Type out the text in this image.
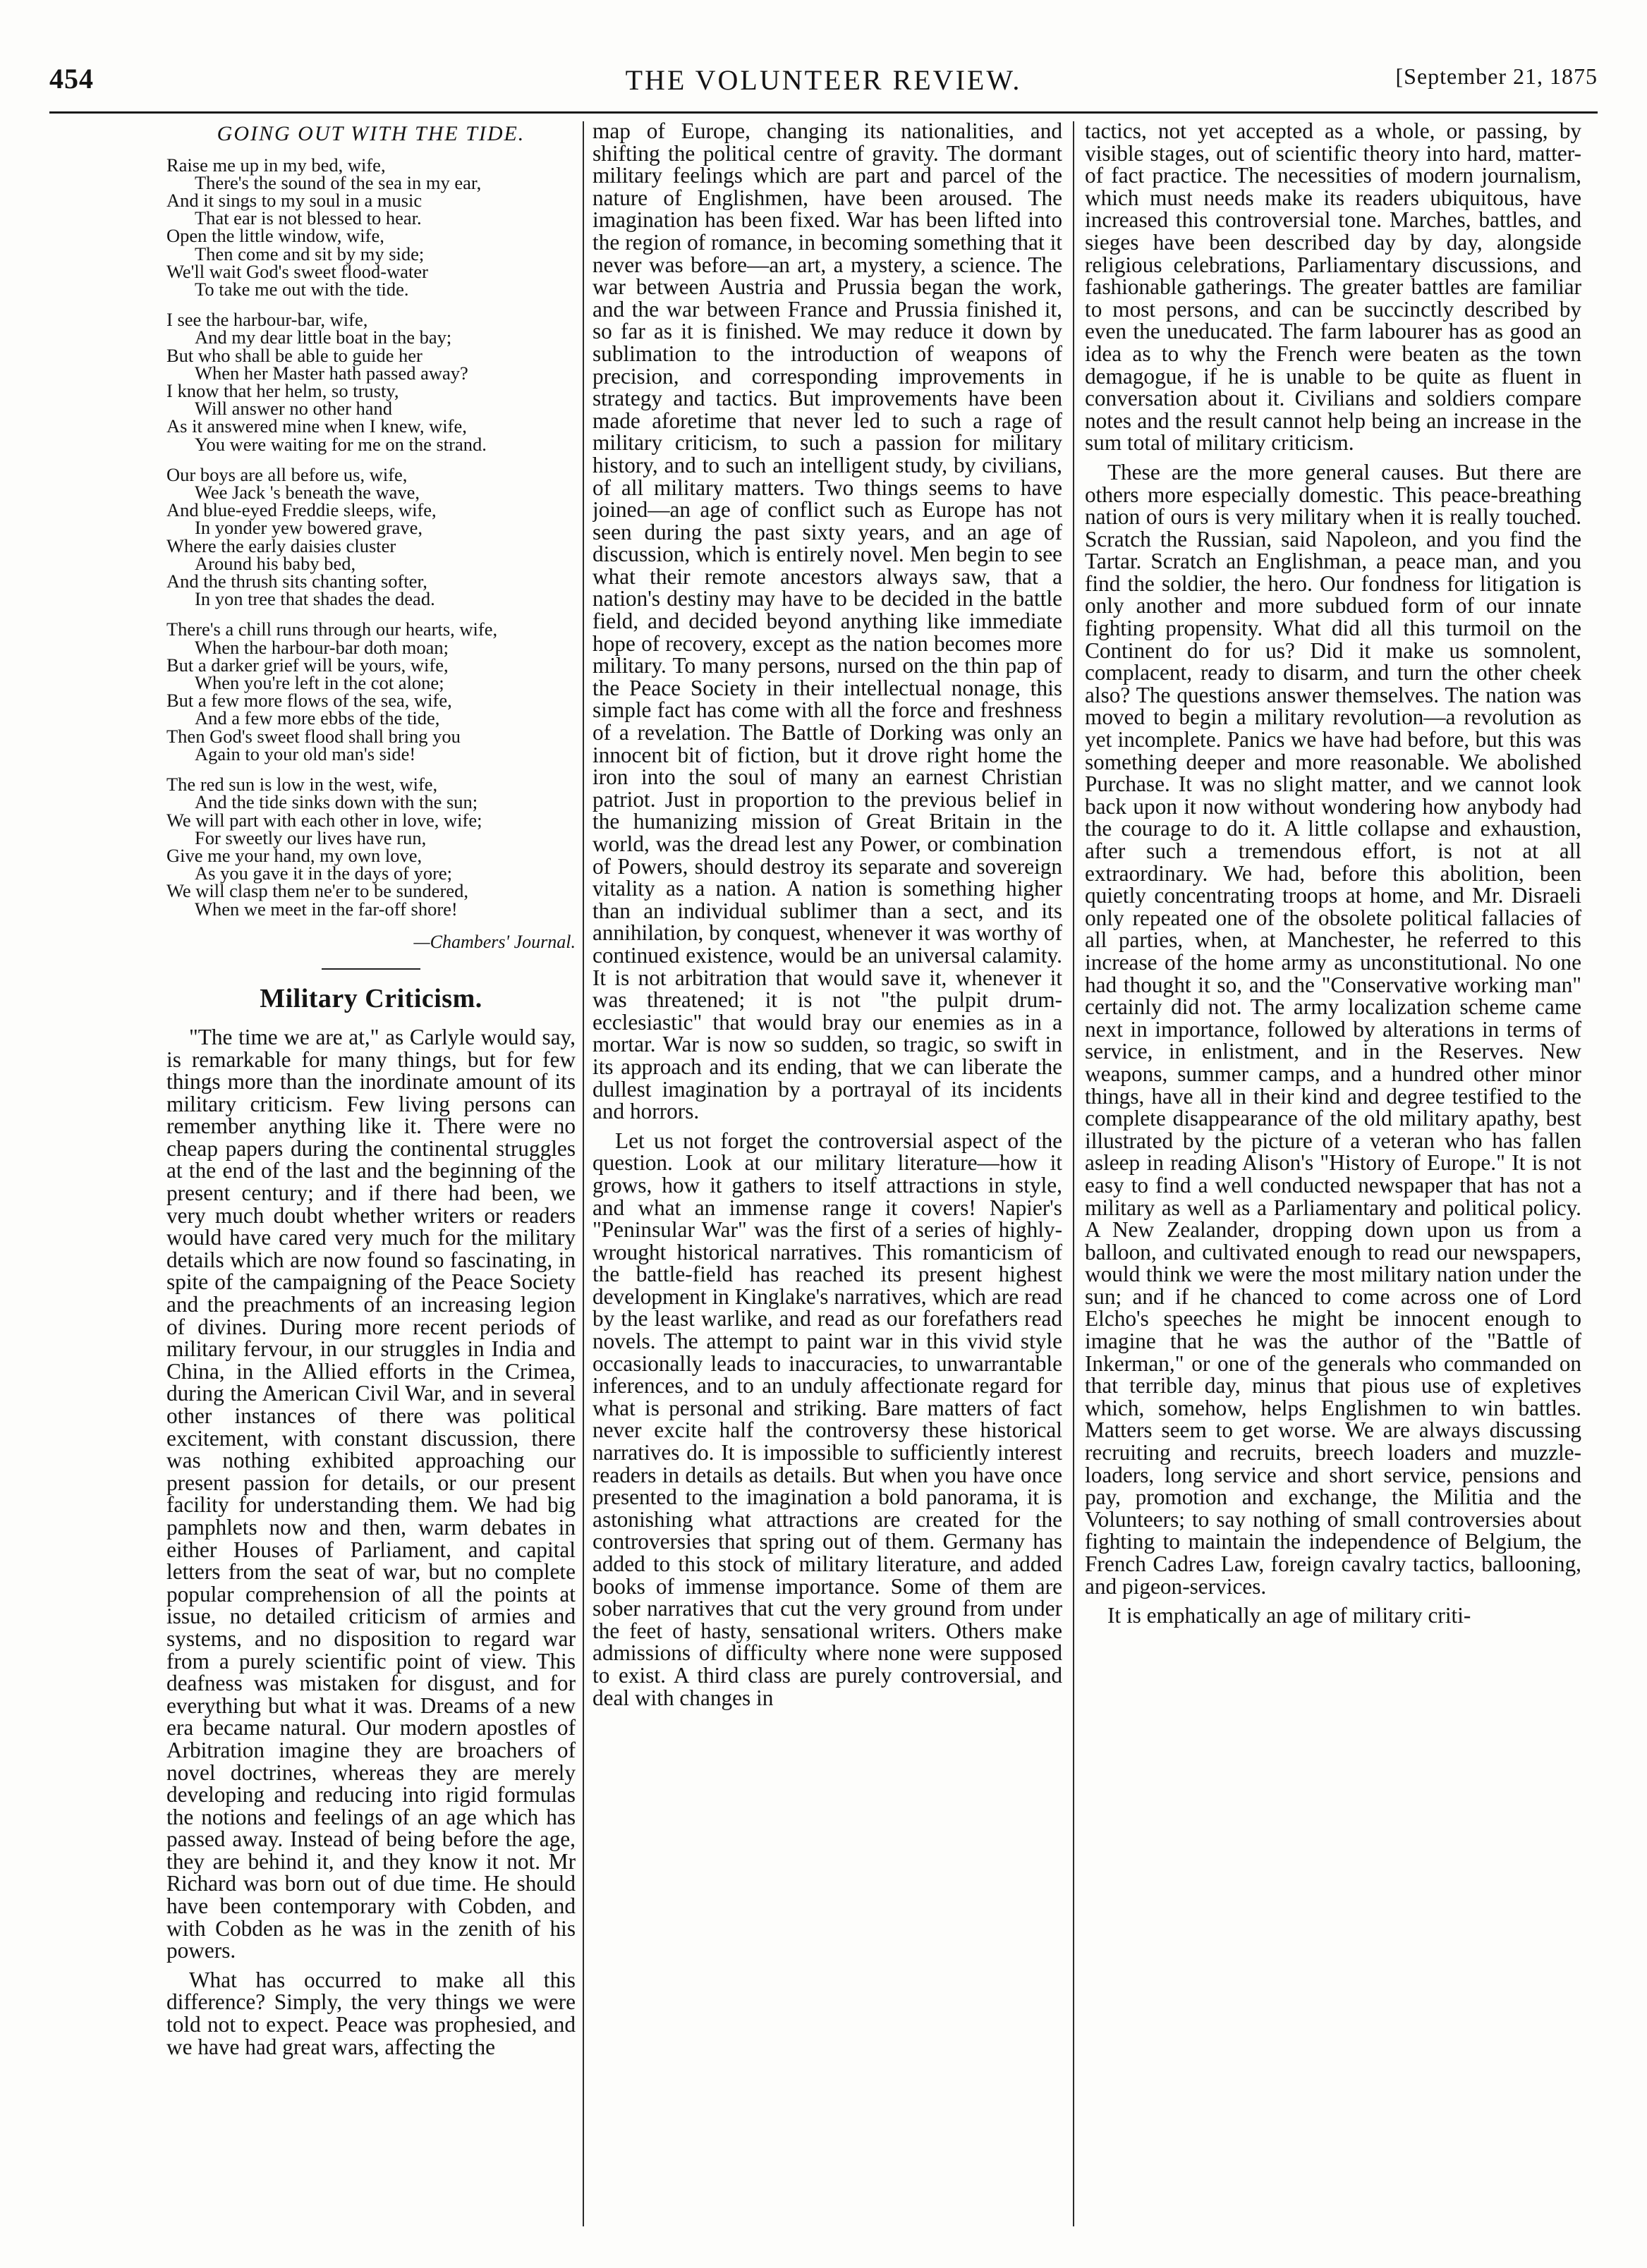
454	THE VOLUNTEER REVIEW.	[September 21, 1875
GOING OUT WITH THE TIDE.
Raise me up in my bed, wife,
There's the sound of the sea in my ear,
And it sings to my soul in a music
That ear is not blessed to hear.
Open the little window, wife,
Then come and sit by my side;
We'll wait God's sweet flood-water
To take me out with the tide.
I see the harbour-bar, wife,
And my dear little boat in the bay;
But who shall be able to guide her
When her Master hath passed away?
I know that her helm, so trusty,
Will answer no other hand
As it answered mine when I knew, wife,
You were waiting for me on the strand.
Our boys are all before us, wife,
Wee Jack 's beneath the wave,
And blue-eyed Freddie sleeps, wife,
In yonder yew bowered grave,
Where the early daisies cluster
Around his baby bed,
And the thrush sits chanting softer,
In yon tree that shades the dead.
There's a chill runs through our hearts, wife,
When the harbour-bar doth moan;
But a darker grief will be yours, wife,
When you're left in the cot alone;
But a few more flows of the sea, wife,
And a few more ebbs of the tide,
Then God's sweet flood shall bring you
Again to your old man's side!
The red sun is low in the west, wife,
And the tide sinks down with the sun;
We will part with each other in love, wife;
For sweetly our lives have run,
Give me your hand, my own love,
As you gave it in the days of yore;
We will clasp them ne'er to be sundered,
When we meet in the far-off shore!
—Chambers' Journal.
Military Criticism.

"The time we are at," as Carlyle would say, is remarkable for many things, but for few things more than the inordinate amount of its military criticism. Few living persons can remember anything like it. There were no cheap papers during the continental struggles at the end of the last and the beginning of the present century; and if there had been, we very much doubt whether writers or readers would have cared very much for the military details which are now found so fascinating, in spite of the campaigning of the Peace Society and the preachments of an increasing legion of divines. During more recent periods of military fervour, in our struggles in India and China, in the Allied efforts in the Crimea, during the American Civil War, and in several other instances of there was political excitement, with constant discussion, there was nothing exhibited approaching our present passion for details, or our present facility for understanding them. We had big pamphlets now and then, warm debates in either Houses of Parliament, and capital letters from the seat of war, but no complete popular comprehension of all the points at issue, no detailed criticism of armies and systems, and no disposition to regard war from a purely scientific point of view. This deafness was mistaken for disgust, and for everything but what it was. Dreams of a new era became natural. Our modern apostles of Arbitration imagine they are broachers of novel doctrines, whereas they are merely developing and reducing into rigid formulas the notions and feelings of an age which has passed away. Instead of being before the age, they are behind it, and they know it not. Mr Richard was born out of due time. He should have been contemporary with Cobden, and with Cobden as he was in the zenith of his powers.

What has occurred to make all this difference? Simply, the very things we were told not to expect. Peace was prophesied, and we have had great wars, affecting the

map of Europe, changing its nationalities, and shifting the political centre of gravity. The dormant military feelings which are part and parcel of the nature of Englishmen, have been aroused. The imagination has been fixed. War has been lifted into the region of romance, in becoming something that it never was before—an art, a mystery, a science. The war between Austria and Prussia began the work, and the war between France and Prussia finished it, so far as it is finished. We may reduce it down by sublimation to the introduction of weapons of precision, and corresponding improvements in strategy and tactics. But improvements have been made aforetime that never led to such a rage of military criticism, to such a passion for military history, and to such an intelligent study, by civilians, of all military matters. Two things seems to have joined—an age of conflict such as Europe has not seen during the past sixty years, and an age of discussion, which is entirely novel. Men begin to see what their remote ancestors always saw, that a nation's destiny may have to be decided in the battle field, and decided beyond anything like immediate hope of recovery, except as the nation becomes more military. To many persons, nursed on the thin pap of the Peace Society in their intellectual nonage, this simple fact has come with all the force and freshness of a revelation. The Battle of Dorking was only an innocent bit of fiction, but it drove right home the iron into the soul of many an earnest Christian patriot. Just in proportion to the previous belief in the humanizing mission of Great Britain in the world, was the dread lest any Power, or combination of Powers, should destroy its separate and sovereign vitality as a nation. A nation is something higher than an individual sublimer than a sect, and its annihilation, by conquest, whenever it was worthy of continued existence, would be an universal calamity. It is not arbitration that would save it, whenever it was threatened; it is not "the pulpit drum-ecclesiastic" that would bray our enemies as in a mortar. War is now so sudden, so tragic, so swift in its approach and its ending, that we can liberate the dullest imagination by a portrayal of its incidents and horrors.

Let us not forget the controversial aspect of the question. Look at our military literature—how it grows, how it gathers to itself attractions in style, and what an immense range it covers! Napier's "Peninsular War" was the first of a series of highly-wrought historical narratives. This romanticism of the battle-field has reached its present highest development in Kinglake's narratives, which are read by the least warlike, and read as our forefathers read novels. The attempt to paint war in this vivid style occasionally leads to inaccuracies, to unwarrantable inferences, and to an unduly affectionate regard for what is personal and striking. Bare matters of fact never excite half the controversy these historical narratives do. It is impossible to sufficiently interest readers in details as details. But when you have once presented to the imagination a bold panorama, it is astonishing what attractions are created for the controversies that spring out of them. Germany has added to this stock of military literature, and added books of immense importance. Some of them are sober narratives that cut the very ground from under the feet of hasty, sensational writers. Others make admissions of difficulty where none were supposed to exist. A third class are purely controversial, and deal with changes in

tactics, not yet accepted as a whole, or passing, by visible stages, out of scientific theory into hard, matter-of fact practice. The necessities of modern journalism, which must needs make its readers ubiquitous, have increased this controversial tone. Marches, battles, and sieges have been described day by day, alongside religious celebrations, Parliamentary discussions, and fashionable gatherings. The greater battles are familiar to most persons, and can be succinctly described by even the uneducated. The farm labourer has as good an idea as to why the French were beaten as the town demagogue, if he is unable to be quite as fluent in conversation about it. Civilians and soldiers compare notes and the result cannot help being an increase in the sum total of military criticism.

These are the more general causes. But there are others more especially domestic. This peace-breathing nation of ours is very military when it is really touched. Scratch the Russian, said Napoleon, and you find the Tartar. Scratch an Englishman, a peace man, and you find the soldier, the hero. Our fondness for litigation is only another and more subdued form of our innate fighting propensity. What did all this turmoil on the Continent do for us? Did it make us somnolent, complacent, ready to disarm, and turn the other cheek also? The questions answer themselves. The nation was moved to begin a military revolution—a revolution as yet incomplete. Panics we have had before, but this was something deeper and more reasonable. We abolished Purchase. It was no slight matter, and we cannot look back upon it now without wondering how anybody had the courage to do it. A little collapse and exhaustion, after such a tremendous effort, is not at all extraordinary. We had, before this abolition, been quietly concentrating troops at home, and Mr. Disraeli only repeated one of the obsolete political fallacies of all parties, when, at Manchester, he referred to this increase of the home army as unconstitutional. No one had thought it so, and the "Conservative working man" certainly did not. The army localization scheme came next in importance, followed by alterations in terms of service, in enlistment, and in the Reserves. New weapons, summer camps, and a hundred other minor things, have all in their kind and degree testified to the complete disappearance of the old military apathy, best illustrated by the picture of a veteran who has fallen asleep in reading Alison's "History of Europe." It is not easy to find a well conducted newspaper that has not a military as well as a Parliamentary and political policy. A New Zealander, dropping down upon us from a balloon, and cultivated enough to read our newspapers, would think we were the most military nation under the sun; and if he chanced to come across one of Lord Elcho's speeches he might be innocent enough to imagine that he was the author of the "Battle of Inkerman," or one of the generals who commanded on that terrible day, minus that pious use of expletives which, somehow, helps Englishmen to win battles. Matters seem to get worse. We are always discussing recruiting and recruits, breech loaders and muzzle-loaders, long service and short service, pensions and pay, promotion and exchange, the Militia and the Volunteers; to say nothing of small controversies about fighting to maintain the independence of Belgium, the French Cadres Law, foreign cavalry tactics, ballooning, and pigeon-services.

It is emphatically an age of military criti-
